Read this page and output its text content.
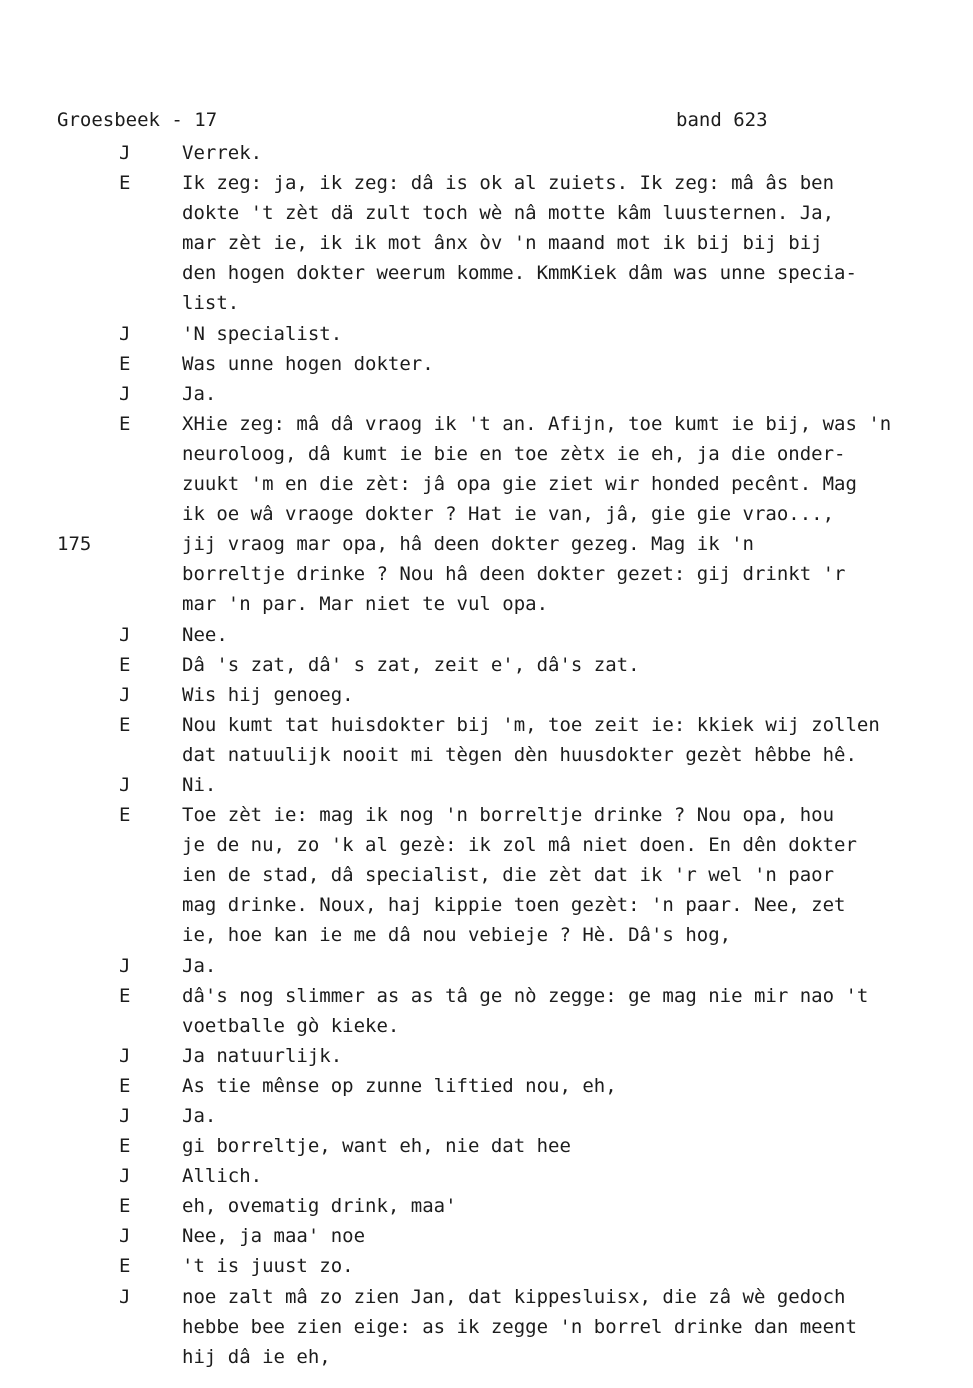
Groesbeek - 17	band 623
J	Verrek.
E	Ik zeg: ja, ik zeg: dâ is ok al zuiets. Ik zeg: mâ âs ben
dokte 't zèt dä zult toch wè nâ motte kâm luusternen. Ja,
mar zèt ie, ik ik mot ânx òv 'n maand mot ik bij bij bij
den hogen dokter weerum komme. KmmKiek dâm was unne specia-
list.
J	'N specialist.
E	Was unne hogen dokter.
J	Ja.
E	XHie zeg: mâ dâ vraog ik 't an. Afijn, toe kumt ie bij, was 'n
neuroloog, dâ kumt ie bie en toe zètx ie eh, ja die onder-
zuukt 'm en die zèt: jâ opa gie ziet wir honded pecênt. Mag
ik oe wâ vraoge dokter ? Hat ie van, jâ, gie gie vrao...,
jij vraog mar opa, hâ deen dokter gezeg. Mag ik 'n
borreltje drinke ? Nou hâ deen dokter gezet: gij drinkt 'r
mar 'n par. Mar niet te vul opa.
175
J	Nee.
E	Dâ 's zat, dâ' s zat, zeit e', dâ's zat.
J	Wis hij genoeg.
E	Nou kumt tat huisdokter bij 'm, toe zeit ie: kkiek wij zollen
dat natuulijk nooit mi tègen dèn huusdokter gezèt hêbbe hê.
J	Ni.
E	Toe zèt ie: mag ik nog 'n borreltje drinke ? Nou opa, hou
je de nu, zo 'k al gezè: ik zol mâ niet doen. En dên dokter
ien de stad, dâ specialist, die zèt dat ik 'r wel 'n paor
mag drinke. Noux, haj kippie toen gezèt: 'n paar. Nee, zet
ie, hoe kan ie me dâ nou vebieje ? Hè. Dâ's hog,
J	Ja.
E	dâ's nog slimmer as as tâ ge nò zegge: ge mag nie mir nao 't
voetballe gò kieke.
J	Ja natuurlijk.
E	As tie mênse op zunne liftied nou, eh,
J	Ja.
E	gi borreltje, want eh, nie dat hee
J	Allich.
E	eh, ovematig drink, maa'
J	Nee, ja maa' noe
E	't is juust zo.
J	noe zalt mâ zo zien Jan, dat kippesluisx, die zâ wè gedoch
hebbe bee zien eige: as ik zegge 'n borrel drinke dan meent
hij dâ ie eh,
